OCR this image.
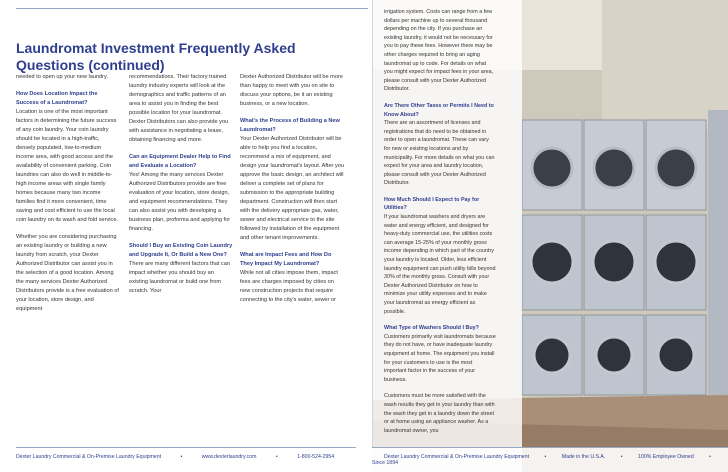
irrigation system. Costs can range from a few dollars per machine up to several thousand depending on the city. If you purchase an existing laundry, it would not be necessary for you to pay these fees. However there may be other charges required to bring an aging laundromat up to code. For details on what you might expect for impact fees in your area, please consult with your Dexter Authorized Distributor.

Are There Other Taxes or Permits I Need to Know About?
There are an assortment of licenses and registrations that do need to be obtained in order to open a laundromat. These can vary for new or existing locations and by municipality. For more details on what you can expect for your area and laundry location, please consult with your Dexter Authorized Distributor.

How Much Should I Expect to Pay for Utilities?
If your laundromat washers and dryers are water and energy efficient, and designed for heavy-duty commercial use, the utilities costs can average 15-25% of your monthly gross income depending in which part of the country your laundry is located. Older, less efficient laundry equipment can push utility bills beyond 30% of the monthly gross. Consult with your Dexter Authorized Distributor on how to minimize your utility expenses and to make your laundromat as energy efficient as possible.

What Type of Washers Should I Buy?
Customers primarily visit laundromats because they do not have, or have inadequate laundry equipment at home. The equipment you install for your customers to use is the most important factor in the success of your business.

Customers must be more satisfied with the wash results they get in your laundry than with the wash they get in a laundry down the street or at home using an appliance washer. As a laundromat owner, you

Laundromat Investment Frequently Asked Questions (continued)

needed to open up your new laundry.

How Does Location Impact the Success of a Laundromat?
Location is one of the most important factors in determining the future success of any coin laundry. Your coin laundry should be located in a high-traffic, densely populated, low-to-medium income area, with good access and the availability of convenient parking. Coin laundries can also do well in middle-to-high income areas with single family homes because many two income families find it more convenient, time saving and cost efficient to use the local coin laundry on its wash and fold service.

Whether you are considering purchasing an existing laundry or building a new laundry from scratch, your Dexter Authorized Distributor can assist you in the selection of a good location. Among the many services Dexter Authorized Distributors provide is a free evaluation of your location, store design, and equipment

recommendations. Their factory trained laundry industry experts will look at the demographics and traffic patterns of an area to assist you in finding the best possible location for your laundromat. Dexter Distributors can also provide you with assistance in negotiating a lease, obtaining financing and more.

Can an Equipment Dealer Help to Find and Evaluate a Location?
Yes! Among the many services Dexter Authorized Distributors provide are free evaluation of your location, store design, and equipment recommendations. They can also assist you with developing a business plan, proforma and applying for financing.

Should I Buy an Existing Coin Laundry and Upgrade It, Or Build a New One?
There are many different factors that can impact whether you should buy an existing laundromat or build one from scratch. Your

Dexter Authorized Distributor will be more than happy to meet with you on site to discuss your options, be it an existing business, or a new location.

What's the Process of Building a New Laundromat?
Your Dexter Authorized Distributor will be able to help you find a location, recommend a mix of equipment, and design your laundromat's layout. After you approve the basic design, an architect will deliver a complete set of plans for submission to the appropriate building department. Construction will then start with the delivery appropriate gas, water, sewer and electrical service to the site followed by installation of the equipment and other tenant improvements.

What are Impact Fees and How Do They Impact My Laundromat?
While not all cities impose them, impact fees are charges imposed by cities on new construction projects that require connecting to the city's water, sewer or

Dexter Laundry Commercial & On-Premise Laundry Equipment	•	www.dexterlaundry.com	•	1-800-524-2954	Dexter Laundry Commercial & On-Premise Laundry Equipment	•	Made in the U.S.A.	•	100% Employee Owned	• Since 1894
